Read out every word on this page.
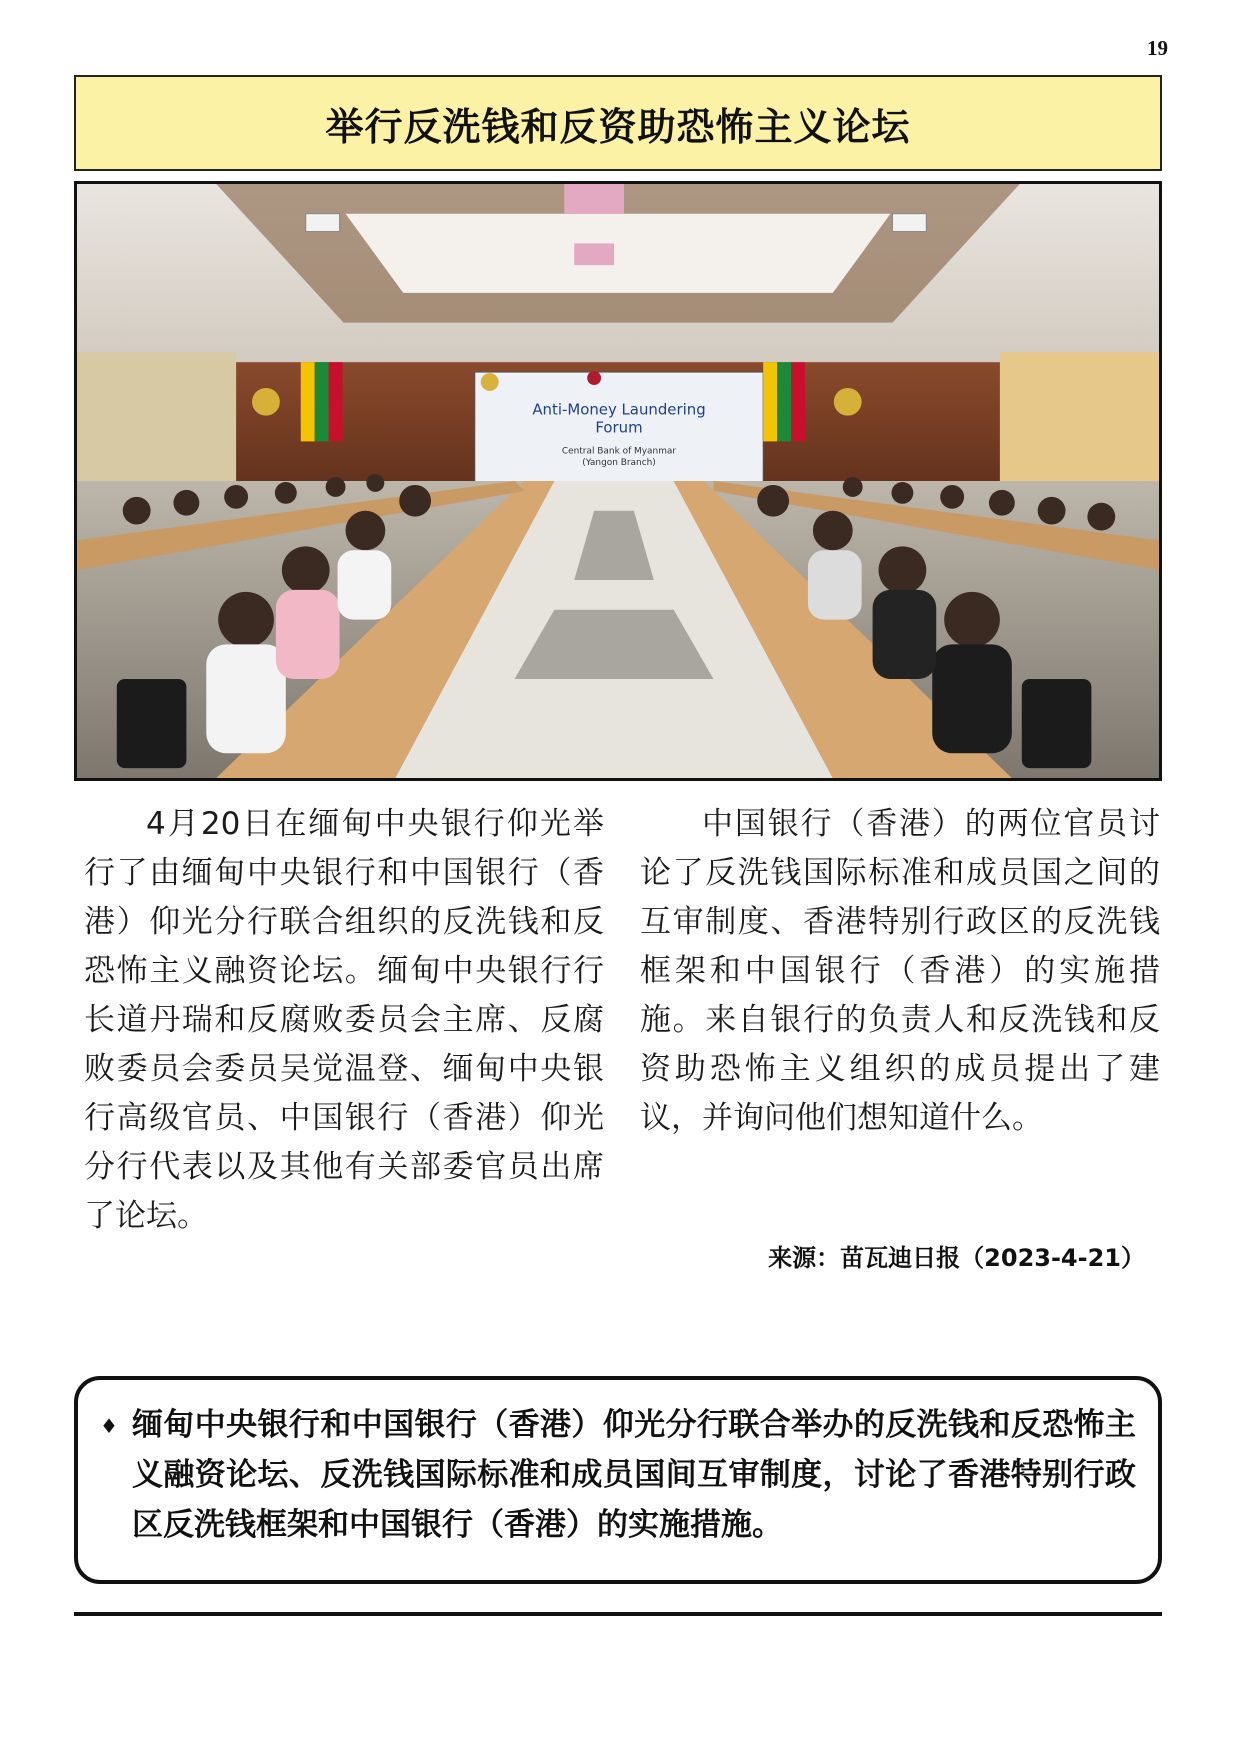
19
举行反洗钱和反资助恐怖主义论坛
Anti-Money Laundering
Forum
Central Bank of Myanmar
(Yangon Branch)

4月20日在缅甸中央银行仰光举行了由缅甸中央银行和中国银行（香港）仰光分行联合组织的反洗钱和反恐怖主义融资论坛。缅甸中央银行行长道丹瑞和反腐败委员会主席、反腐败委员会委员吴觉温登、缅甸中央银行高级官员、中国银行（香港）仰光分行代表以及其他有关部委官员出席了论坛。

中国银行（香港）的两位官员讨论了反洗钱国际标准和成员国之间的互审制度、香港特别行政区的反洗钱框架和中国银行（香港）的实施措施。来自银行的负责人和反洗钱和反资助恐怖主义组织的成员提出了建议，并询问他们想知道什么。

来源：苗瓦迪日报（2023-4-21）
♦ 缅甸中央银行和中国银行（香港）仰光分行联合举办的反洗钱和反恐怖主义融资论坛、反洗钱国际标准和成员国间互审制度，讨论了香港特别行政区反洗钱框架和中国银行（香港）的实施措施。
